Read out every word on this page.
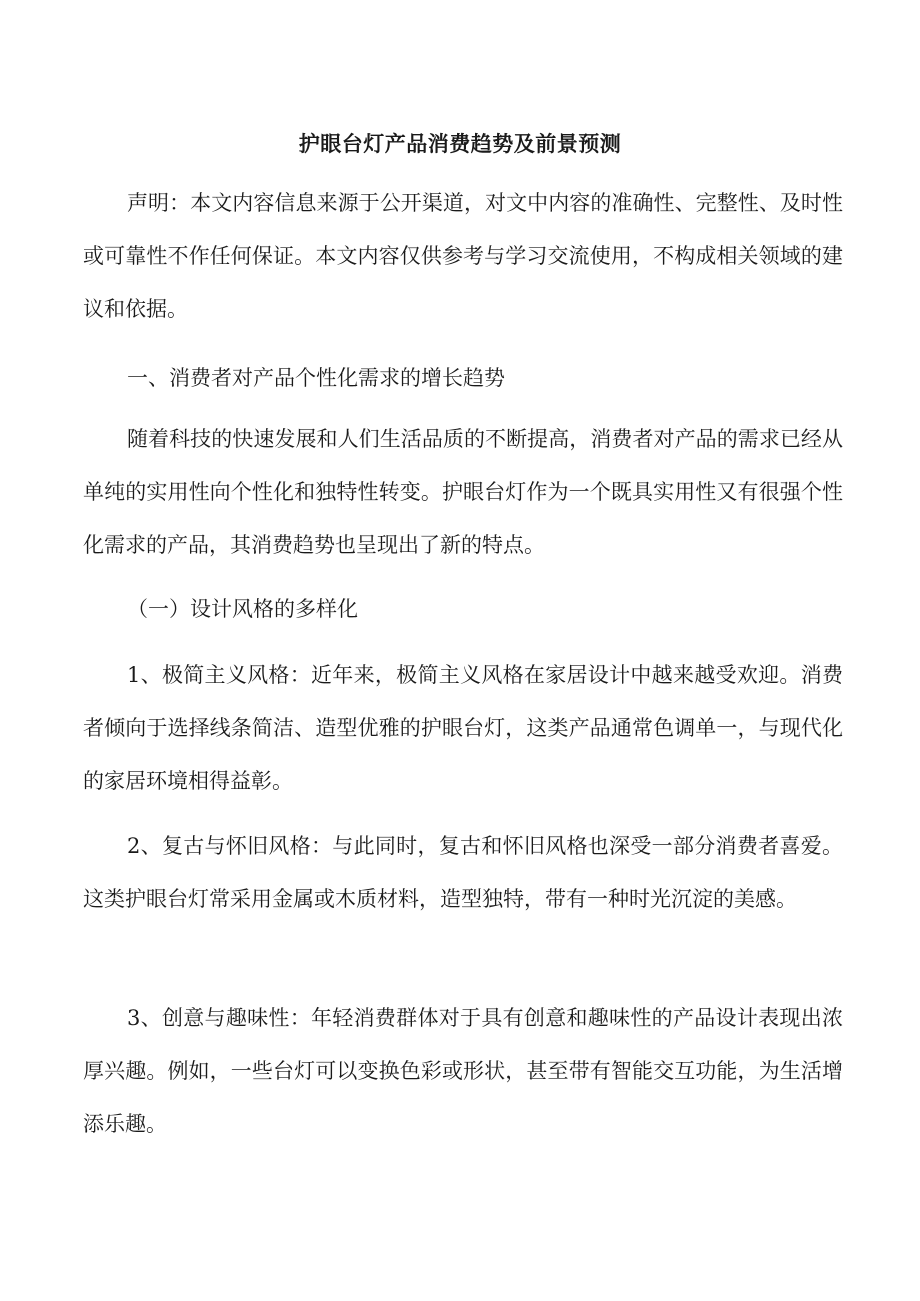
护眼台灯产品消费趋势及前景预测

声明：本文内容信息来源于公开渠道，对文中内容的准确性、完整性、及时性或可靠性不作任何保证。本文内容仅供参考与学习交流使用，不构成相关领域的建议和依据。

一、消费者对产品个性化需求的增长趋势

随着科技的快速发展和人们生活品质的不断提高，消费者对产品的需求已经从单纯的实用性向个性化和独特性转变。护眼台灯作为一个既具实用性又有很强个性化需求的产品，其消费趋势也呈现出了新的特点。

（一）设计风格的多样化

1、极简主义风格：近年来，极简主义风格在家居设计中越来越受欢迎。消费者倾向于选择线条简洁、造型优雅的护眼台灯，这类产品通常色调单一，与现代化的家居环境相得益彰。

2、复古与怀旧风格：与此同时，复古和怀旧风格也深受一部分消费者喜爱。这类护眼台灯常采用金属或木质材料，造型独特，带有一种时光沉淀的美感。

3、创意与趣味性：年轻消费群体对于具有创意和趣味性的产品设计表现出浓厚兴趣。例如，一些台灯可以变换色彩或形状，甚至带有智能交互功能，为生活增添乐趣。
